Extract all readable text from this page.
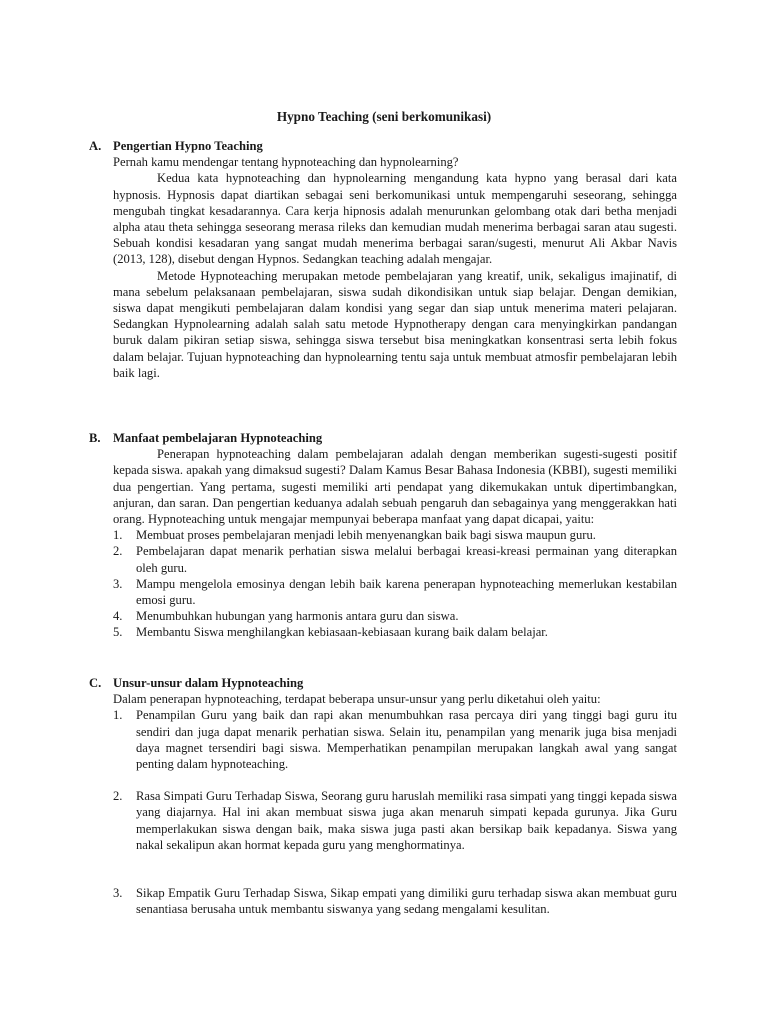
Hypno Teaching (seni berkomunikasi)
A. Pengertian Hypno Teaching

Pernah kamu mendengar tentang hypnoteaching dan hypnolearning?

Kedua kata hypnoteaching dan hypnolearning mengandung kata hypno yang berasal dari kata hypnosis. Hypnosis dapat diartikan sebagai seni berkomunikasi untuk mempengaruhi seseorang, sehingga mengubah tingkat kesadarannya. Cara kerja hipnosis adalah menurunkan gelombang otak dari betha menjadi alpha atau theta sehingga seseorang merasa rileks dan kemudian mudah menerima berbagai saran atau sugesti. Sebuah kondisi kesadaran yang sangat mudah menerima berbagai saran/sugesti, menurut Ali Akbar Navis (2013, 128), disebut dengan Hypnos. Sedangkan teaching adalah mengajar.

Metode Hypnoteaching merupakan metode pembelajaran yang kreatif, unik, sekaligus imajinatif, di mana sebelum pelaksanaan pembelajaran, siswa sudah dikondisikan untuk siap belajar. Dengan demikian, siswa dapat mengikuti pembelajaran dalam kondisi yang segar dan siap untuk menerima materi pelajaran. Sedangkan Hypnolearning adalah salah satu metode Hypnotherapy dengan cara menyingkirkan pandangan buruk dalam pikiran setiap siswa, sehingga siswa tersebut bisa meningkatkan konsentrasi serta lebih fokus dalam belajar. Tujuan hypnoteaching dan hypnolearning tentu saja untuk membuat atmosfir pembelajaran lebih baik lagi.

B. Manfaat pembelajaran Hypnoteaching

Penerapan hypnoteaching dalam pembelajaran adalah dengan memberikan sugesti-sugesti positif kepada siswa. apakah yang dimaksud sugesti? Dalam Kamus Besar Bahasa Indonesia (KBBI), sugesti memiliki dua pengertian. Yang pertama, sugesti memiliki arti pendapat yang dikemukakan untuk dipertimbangkan, anjuran, dan saran. Dan pengertian keduanya adalah sebuah pengaruh dan sebagainya yang menggerakkan hati orang. Hypnoteaching untuk mengajar mempunyai beberapa manfaat yang dapat dicapai, yaitu:

1.	Membuat proses pembelajaran menjadi lebih menyenangkan baik bagi siswa maupun guru.
2.	Pembelajaran dapat menarik perhatian siswa melalui berbagai kreasi-kreasi permainan yang diterapkan oleh guru.
3.	Mampu mengelola emosinya dengan lebih baik karena penerapan hypnoteaching memerlukan kestabilan emosi guru.
4.	Menumbuhkan hubungan yang harmonis antara guru dan siswa.
5.	Membantu Siswa menghilangkan kebiasaan-kebiasaan kurang baik dalam belajar.
C. Unsur-unsur dalam Hypnoteaching

Dalam penerapan hypnoteaching, terdapat beberapa unsur-unsur yang perlu diketahui oleh yaitu:

1.	Penampilan Guru yang baik dan rapi akan menumbuhkan rasa percaya diri yang tinggi bagi guru itu sendiri dan juga dapat menarik perhatian siswa. Selain itu, penampilan yang menarik juga bisa menjadi daya magnet tersendiri bagi siswa. Memperhatikan penampilan merupakan langkah awal yang sangat penting dalam hypnoteaching.
2.	Rasa Simpati Guru Terhadap Siswa, Seorang guru haruslah memiliki rasa simpati yang tinggi kepada siswa yang diajarnya. Hal ini akan membuat siswa juga akan menaruh simpati kepada gurunya. Jika Guru memperlakukan siswa dengan baik, maka siswa juga pasti akan bersikap baik kepadanya. Siswa yang nakal sekalipun akan hormat kepada guru yang menghormatinya.
3.	Sikap Empatik Guru Terhadap Siswa, Sikap empati yang dimiliki guru terhadap siswa akan membuat guru senantiasa berusaha untuk membantu siswanya yang sedang mengalami kesulitan.
